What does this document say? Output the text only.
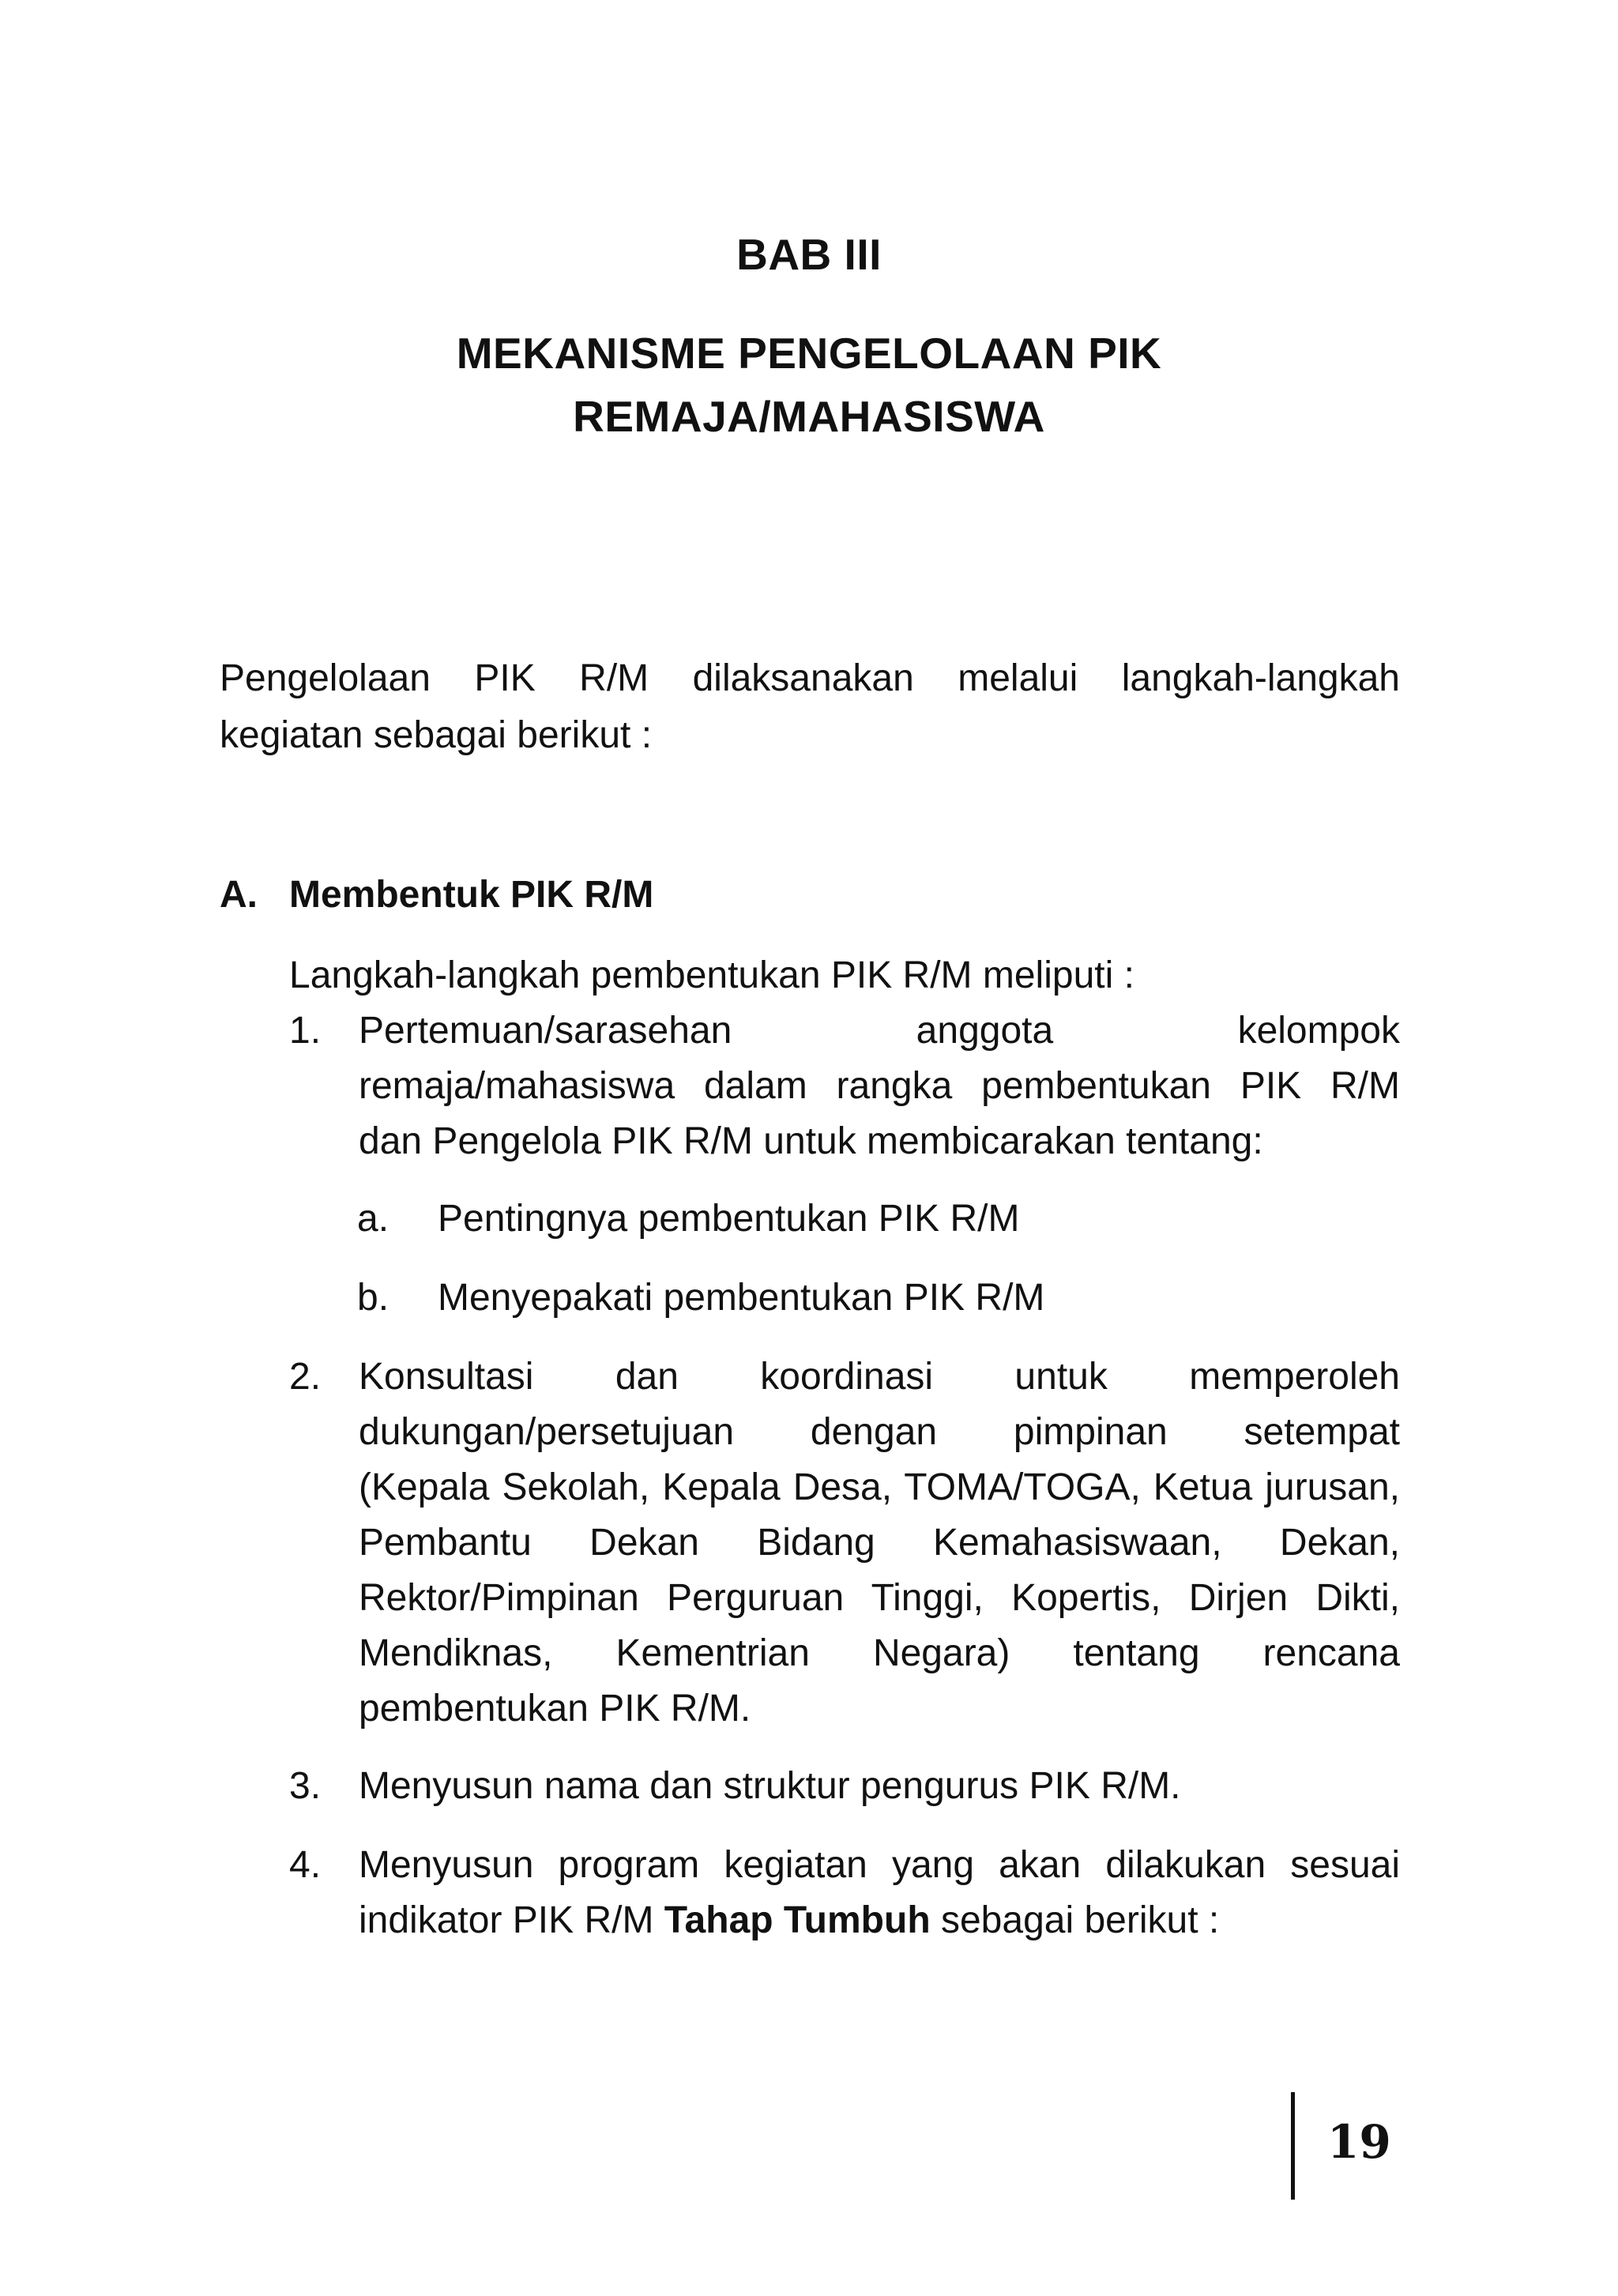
BAB III
MEKANISME PENGELOLAAN PIK
REMAJA/MAHASISWA
Pengelolaan PIK R/M dilaksanakan melalui langkah-langkah
kegiatan sebagai berikut :
A. Membentuk PIK R/M
Langkah-langkah pembentukan PIK R/M meliputi :
1. Pertemuan/sarasehan anggota kelompok
remaja/mahasiswa dalam rangka pembentukan PIK R/M
dan Pengelola PIK R/M untuk membicarakan tentang:
a. Pentingnya pembentukan PIK R/M
b. Menyepakati pembentukan PIK R/M
2. Konsultasi dan koordinasi untuk memperoleh
dukungan/persetujuan dengan pimpinan setempat
(Kepala Sekolah, Kepala Desa, TOMA/TOGA, Ketua jurusan,
Pembantu Dekan Bidang Kemahasiswaan, Dekan,
Rektor/Pimpinan Perguruan Tinggi, Kopertis, Dirjen Dikti,
Mendiknas, Kementrian Negara) tentang rencana
pembentukan PIK R/M.
3. Menyusun nama dan struktur pengurus PIK R/M.
4. Menyusun program kegiatan yang akan dilakukan sesuai
indikator PIK R/M Tahap Tumbuh sebagai berikut :
19
